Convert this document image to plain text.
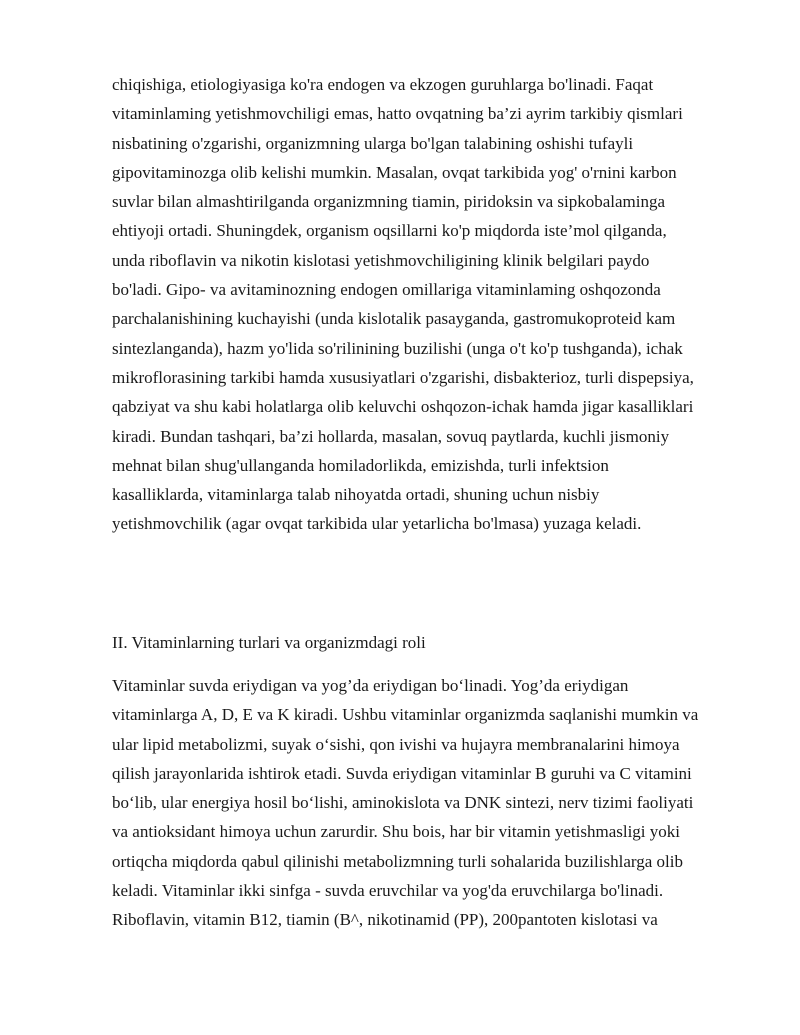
chiqishiga, etiologiyasiga ko'ra endogen va ekzogen guruhlarga bo'linadi. Faqat
vitaminlaming yetishmovchiligi emas, hatto ovqatning ba’zi ayrim tarkibiy qismlari
nisbatining o'zgarishi, organizmning ularga bo'lgan talabining oshishi tufayli
gipovitaminozga olib kelishi mumkin. Masalan, ovqat tarkibida yog' o'rnini karbon
suvlar bilan almashtirilganda organizmning tiamin, piridoksin va sipkobalaminga
ehtiyoji ortadi. Shuningdek, organism oqsillarni ko'p miqdorda iste’mol qilganda,
unda riboflavin va nikotin kislotasi yetishmovchiligining klinik belgilari paydo
bo'ladi. Gipo- va avitaminozning endogen omillariga vitaminlaming oshqozonda
parchalanishining kuchayishi (unda kislotalik pasayganda, gastromukoproteid kam
sintezlanganda), hazm yo'lida so'rilinining buzilishi (unga o't ko'p tushganda), ichak
mikroflorasining tarkibi hamda xususiyatlari o'zgarishi, disbakterioz, turli dispepsiya,
qabziyat va shu kabi holatlarga olib keluvchi oshqozon-ichak hamda jigar kasalliklari
kiradi. Bundan tashqari, ba’zi hollarda, masalan, sovuq paytlarda, kuchli jismoniy
mehnat bilan shug'ullanganda homiladorlikda, emizishda, turli infektsion
kasalliklarda, vitaminlarga talab nihoyatda ortadi, shuning uchun nisbiy
yetishmovchilik (agar ovqat tarkibida ular yetarlicha bo'lmasa) yuzaga keladi.
II. Vitaminlarning turlari va organizmdagi roli
Vitaminlar suvda eriydigan va yog’da eriydigan bo‘linadi. Yog’da eriydigan
vitaminlarga A, D, E va K kiradi. Ushbu vitaminlar organizmda saqlanishi mumkin va
ular lipid metabolizmi, suyak o‘sishi, qon ivishi va hujayra membranalarini himoya
qilish jarayonlarida ishtirok etadi. Suvda eriydigan vitaminlar B guruhi va C vitamini
bo‘lib, ular energiya hosil bo‘lishi, aminokislota va DNK sintezi, nerv tizimi faoliyati
va antioksidant himoya uchun zarurdir. Shu bois, har bir vitamin yetishmasligi yoki
ortiqcha miqdorda qabul qilinishi metabolizmning turli sohalarida buzilishlarga olib
keladi. Vitaminlar ikki sinfga - suvda eruvchilar va yog'da eruvchilarga bo'linadi.
Riboflavin, vitamin B12, tiamin (B^, nikotinamid (PP), 200pantoten kislotasi va
